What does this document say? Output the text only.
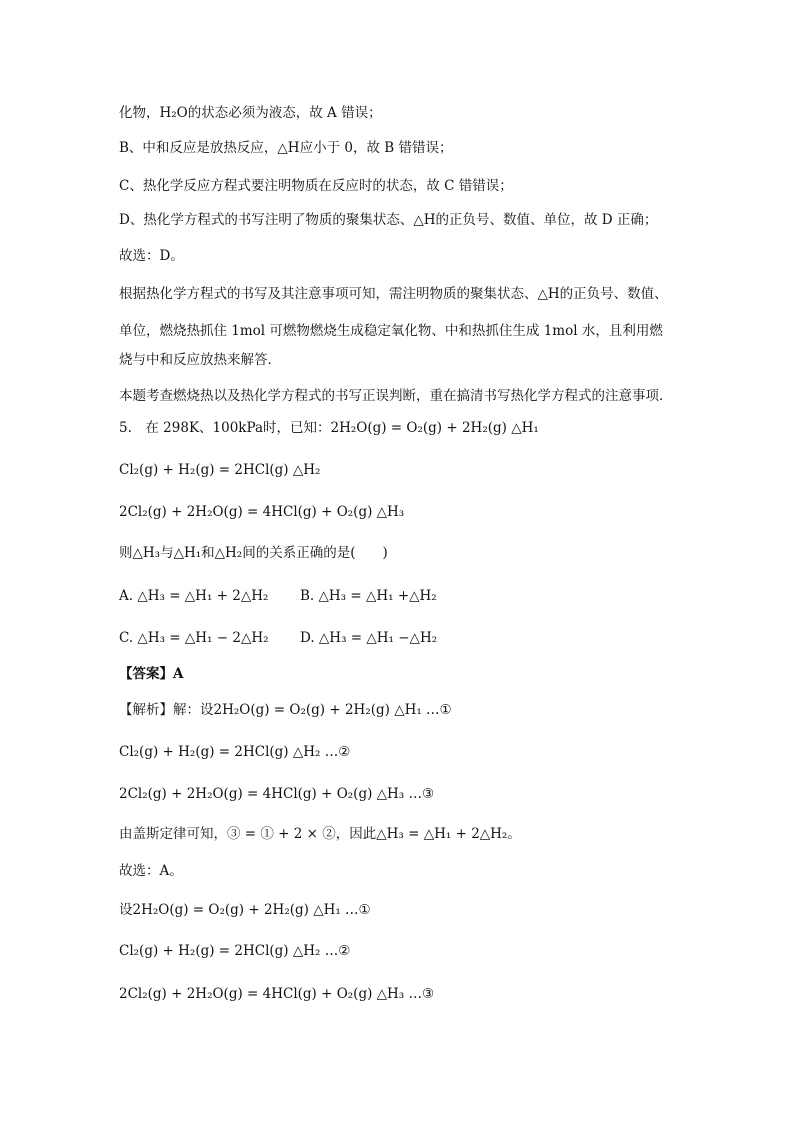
化物，H₂O的状态必须为液态，故 A 错误；
B、中和反应是放热反应，△H应小于 0，故 B 错错误；
C、热化学反应方程式要注明物质在反应时的状态，故 C 错错误；
D、热化学方程式的书写注明了物质的聚集状态、△H的正负号、数值、单位，故 D 正确；
故选：D。
根据热化学方程式的书写及其注意事项可知，需注明物质的聚集状态、△H的正负号、数值、
单位，燃烧热抓住 1mol 可燃物燃烧生成稳定氧化物、中和热抓住生成 1mol 水，且利用燃
烧与中和反应放热来解答．
本题考查燃烧热以及热化学方程式的书写正误判断，重在搞清书写热化学方程式的注意事项．
5.　在 298K、100kPa时，已知：2H₂O(g) = O₂(g) + 2H₂(g) △H₁
Cl₂(g) + H₂(g) = 2HCl(g) △H₂
2Cl₂(g) + 2H₂O(g) = 4HCl(g) + O₂(g) △H₃
则△H₃与△H₁和△H₂间的关系正确的是(　　)
A. △H₃ = △H₁ + 2△H₂ B. △H₃ = △H₁ +△H₂
C. △H₃ = △H₁ − 2△H₂ D. △H₃ = △H₁ −△H₂
【答案】A
【解析】解：设2H₂O(g) = O₂(g) + 2H₂(g) △H₁ …①
Cl₂(g) + H₂(g) = 2HCl(g) △H₂ …②
2Cl₂(g) + 2H₂O(g) = 4HCl(g) + O₂(g) △H₃ …③
由盖斯定律可知，③ = ① + 2 × ②，因此△H₃ = △H₁ + 2△H₂。
故选：A。
设2H₂O(g) = O₂(g) + 2H₂(g) △H₁ …①
Cl₂(g) + H₂(g) = 2HCl(g) △H₂ …②
2Cl₂(g) + 2H₂O(g) = 4HCl(g) + O₂(g) △H₃ …③
